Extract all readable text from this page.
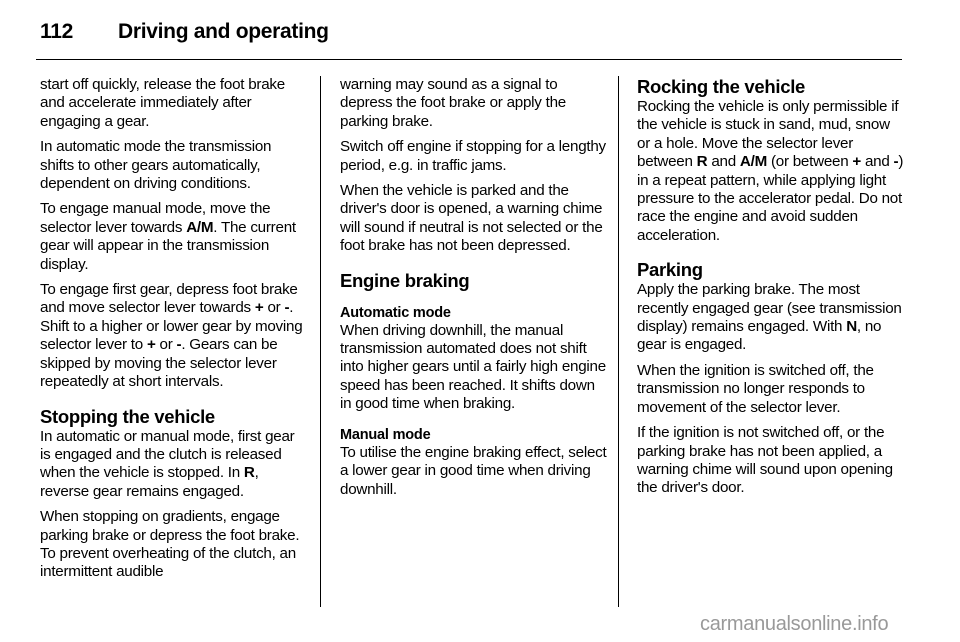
112 Driving and operating

start off quickly, release the foot brake and accelerate immediately after engaging a gear.

In automatic mode the transmission shifts to other gears automatically, dependent on driving conditions.

To engage manual mode, move the selector lever towards A/M. The current gear will appear in the transmission display.

To engage first gear, depress foot brake and move selector lever towards + or -. Shift to a higher or lower gear by moving selector lever to + or -. Gears can be skipped by moving the selector lever repeatedly at short intervals.

Stopping the vehicle

In automatic or manual mode, first gear is engaged and the clutch is released when the vehicle is stopped. In R, reverse gear remains engaged.

When stopping on gradients, engage parking brake or depress the foot brake. To prevent overheating of the clutch, an intermittent audible

warning may sound as a signal to depress the foot brake or apply the parking brake.

Switch off engine if stopping for a lengthy period, e.g. in traffic jams.

When the vehicle is parked and the driver's door is opened, a warning chime will sound if neutral is not selected or the foot brake has not been depressed.

Engine braking
Automatic mode

When driving downhill, the manual transmission automated does not shift into higher gears until a fairly high engine speed has been reached. It shifts down in good time when braking.

Manual mode

To utilise the engine braking effect, select a lower gear in good time when driving downhill.

Rocking the vehicle

Rocking the vehicle is only permissible if the vehicle is stuck in sand, mud, snow or a hole. Move the selector lever between R and A/M (or between + and -) in a repeat pattern, while applying light pressure to the accelerator pedal. Do not race the engine and avoid sudden acceleration.

Parking

Apply the parking brake. The most recently engaged gear (see transmission display) remains engaged. With N, no gear is engaged.

When the ignition is switched off, the transmission no longer responds to movement of the selector lever.

If the ignition is not switched off, or the parking brake has not been applied, a warning chime will sound upon opening the driver's door.

carmanualsonline.info
